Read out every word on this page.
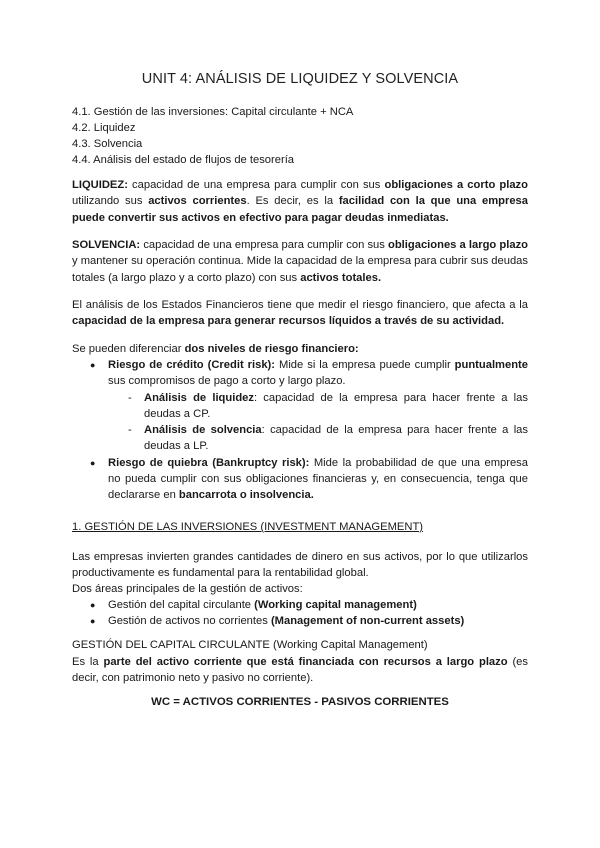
UNIT 4: ANÁLISIS DE LIQUIDEZ Y SOLVENCIA
4.1. Gestión de las inversiones: Capital circulante + NCA
4.2. Liquidez
4.3. Solvencia
4.4. Análisis del estado de flujos de tesorería
LIQUIDEZ: capacidad de una empresa para cumplir con sus obligaciones a corto plazo utilizando sus activos corrientes. Es decir, es la facilidad con la que una empresa puede convertir sus activos en efectivo para pagar deudas inmediatas.
SOLVENCIA: capacidad de una empresa para cumplir con sus obligaciones a largo plazo y mantener su operación continua. Mide la capacidad de la empresa para cubrir sus deudas totales (a largo plazo y a corto plazo) con sus activos totales.
El análisis de los Estados Financieros tiene que medir el riesgo financiero, que afecta a la capacidad de la empresa para generar recursos líquidos a través de su actividad.
Se pueden diferenciar dos niveles de riesgo financiero:
● Riesgo de crédito (Credit risk): Mide si la empresa puede cumplir puntualmente sus compromisos de pago a corto y largo plazo.
- Análisis de liquidez: capacidad de la empresa para hacer frente a las deudas a CP.
- Análisis de solvencia: capacidad de la empresa para hacer frente a las deudas a LP.
● Riesgo de quiebra (Bankruptcy risk): Mide la probabilidad de que una empresa no pueda cumplir con sus obligaciones financieras y, en consecuencia, tenga que declararse en bancarrota o insolvencia.
1. GESTIÓN DE LAS INVERSIONES (INVESTMENT MANAGEMENT)
Las empresas invierten grandes cantidades de dinero en sus activos, por lo que utilizarlos productivamente es fundamental para la rentabilidad global.
Dos áreas principales de la gestión de activos:
● Gestión del capital circulante (Working capital management)
● Gestión de activos no corrientes (Management of non-current assets)
GESTIÓN DEL CAPITAL CIRCULANTE (Working Capital Management)
Es la parte del activo corriente que está financiada con recursos a largo plazo (es decir, con patrimonio neto y pasivo no corriente).
WC = ACTIVOS CORRIENTES - PASIVOS CORRIENTES
